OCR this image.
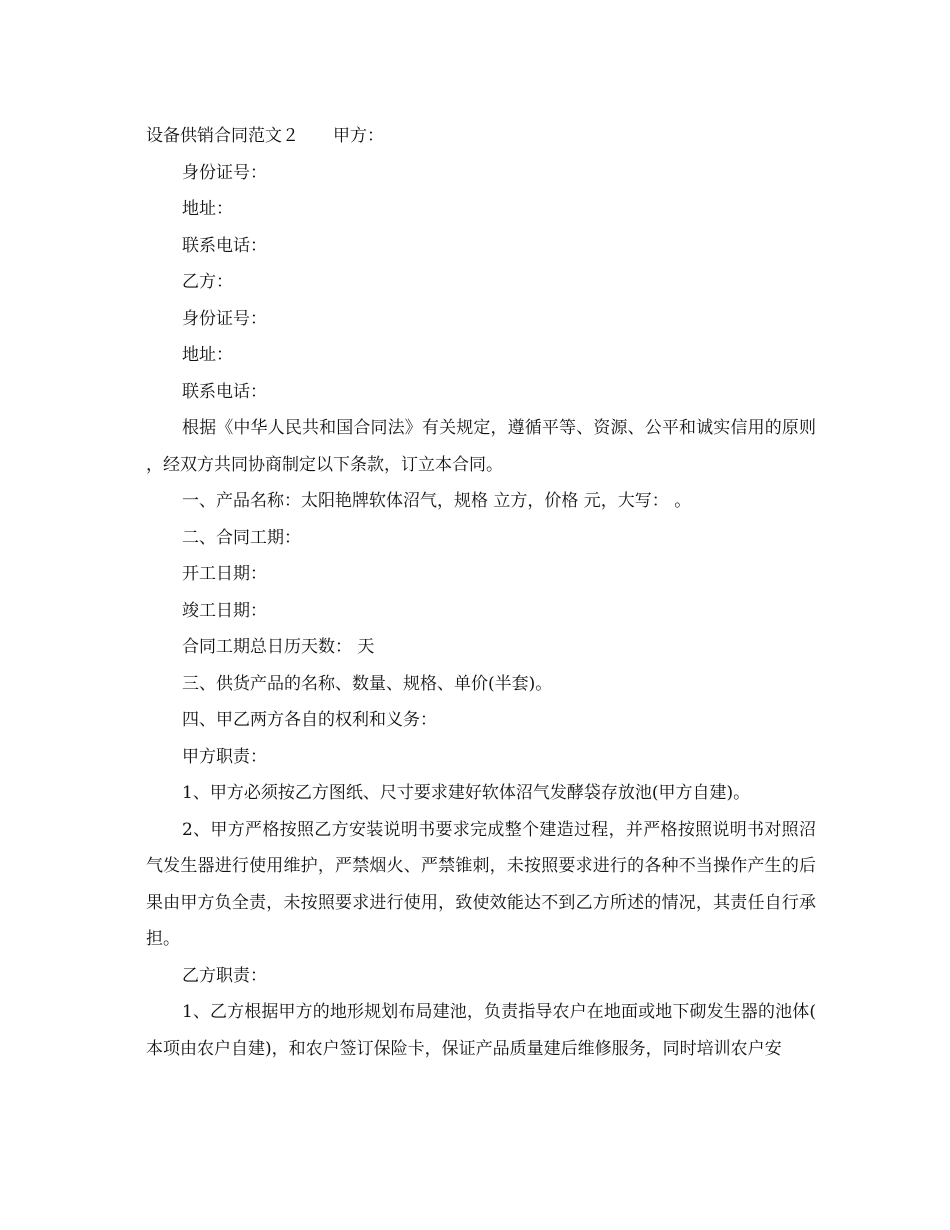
设备供销合同范文２ 甲方：
身份证号：
地址：
联系电话：
乙方：
身份证号：
地址：
联系电话：
根据《中华人民共和国合同法》有关规定，遵循平等、资源、公平和诚实信用的原则，经双方共同协商制定以下条款，订立本合同。
一、产品名称：太阳艳牌软体沼气，规格 立方，价格 元，大写： 。
二、合同工期：
开工日期：
竣工日期：
合同工期总日历天数： 天
三、供货产品的名称、数量、规格、单价(半套)。
四、甲乙两方各自的权利和义务：
甲方职责：
1、甲方必须按乙方图纸、尺寸要求建好软体沼气发酵袋存放池(甲方自建)。
2、甲方严格按照乙方安装说明书要求完成整个建造过程，并严格按照说明书对照沼气发生器进行使用维护，严禁烟火、严禁锥刺，未按照要求进行的各种不当操作产生的后果由甲方负全责，未按照要求进行使用，致使效能达不到乙方所述的情况，其责任自行承担。
乙方职责：
1、乙方根据甲方的地形规划布局建池，负责指导农户在地面或地下砌发生器的池体(本项由农户自建)，和农户签订保险卡，保证产品质量建后维修服务，同时培训农户安
